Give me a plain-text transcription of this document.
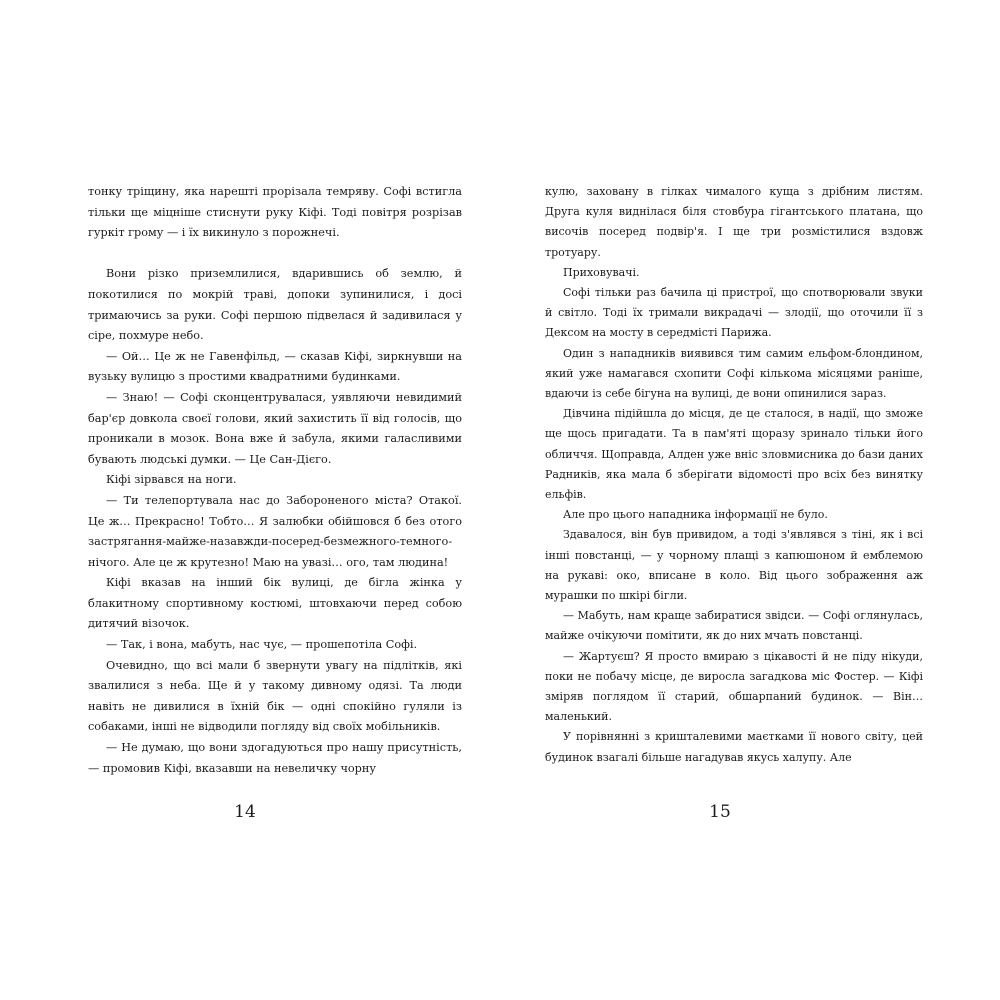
тонку тріщину, яка нарешті прорізала темряву. Софі встигла тільки ще міцніше стиснути руку Кіфі. Тоді повітря розрізав гуркіт грому — і їх викинуло з порожнечі.

Вони різко приземлилися, вдарившись об землю, й покотилися по мокрій траві, допоки зупинилися, і досі тримаючись за руки. Софі першою підвелася й задивилася у сіре, похмуре небо.

— Ой… Це ж не Гавенфільд, — сказав Кіфі, зиркнувши на вузьку вулицю з простими квадратними будинками.

— Знаю! — Софі сконцентрувалася, уявляючи невидимий бар'єр довкола своєї голови, який захистить її від голосів, що проникали в мозок. Вона вже й забула, якими галасливими бувають людські думки. — Це Сан-Дієго.

Кіфі зірвався на ноги.

— Ти телепортувала нас до Забороненого міста? Отакої. Це ж… Прекрасно! Тобто… Я залюбки обійшовся б без отого застрягання-майже-назавжди-посеред-безмежного-темного-нічого. Але це ж крутезно! Маю на увазі… ого, там людина!

Кіфі вказав на інший бік вулиці, де бігла жінка у блакитному спортивному костюмі, штовхаючи перед собою дитячий візочок.

— Так, і вона, мабуть, нас чує, — прошепотіла Софі.

Очевидно, що всі мали б звернути увагу на підлітків, які звалилися з неба. Ще й у такому дивному одязі. Та люди навіть не дивилися в їхній бік — одні спокійно гуляли із собаками, інші не відводили погляду від своїх мобільників.

— Не думаю, що вони здогадуються про нашу присутність, — промовив Кіфі, вказавши на невеличку чорну

14

кулю, заховану в гілках чималого куща з дрібним листям. Друга куля виднілася біля стовбура гігантського платана, що височів посеред подвір'я. І ще три розмістилися вздовж тротуару.

Приховувачі.

Софі тільки раз бачила ці пристрої, що спотворювали звуки й світло. Тоді їх тримали викрадачі — злодії, що оточили її з Дексом на мосту в середмісті Парижа.

Один з нападників виявився тим самим ельфом-блондином, який уже намагався схопити Софі кількома місяцями раніше, вдаючи із себе бігуна на вулиці, де вони опинилися зараз.

Дівчина підійшла до місця, де це сталося, в надії, що зможе ще щось пригадати. Та в пам'яті щоразу зринало тільки його обличчя. Щоправда, Алден уже вніс зловмисника до бази даних Радників, яка мала б зберігати відомості про всіх без винятку ельфів.

Але про цього нападника інформації не було.

Здавалося, він був привидом, а тоді з'являвся з тіні, як і всі інші повстанці, — у чорному плащі з капюшоном й емблемою на рукаві: око, вписане в коло. Від цього зображення аж мурашки по шкірі бігли.

— Мабуть, нам краще забиратися звідси. — Софі оглянулась, майже очікуючи помітити, як до них мчать повстанці.

— Жартуєш? Я просто вмираю з цікавості й не піду нікуди, поки не побачу місце, де виросла загадкова міс Фостер. — Кіфі зміряв поглядом її старий, обшарпаний будинок. — Він… маленький.

У порівнянні з кришталевими маєтками її нового світу, цей будинок взагалі більше нагадував якусь халупу. Але

15
